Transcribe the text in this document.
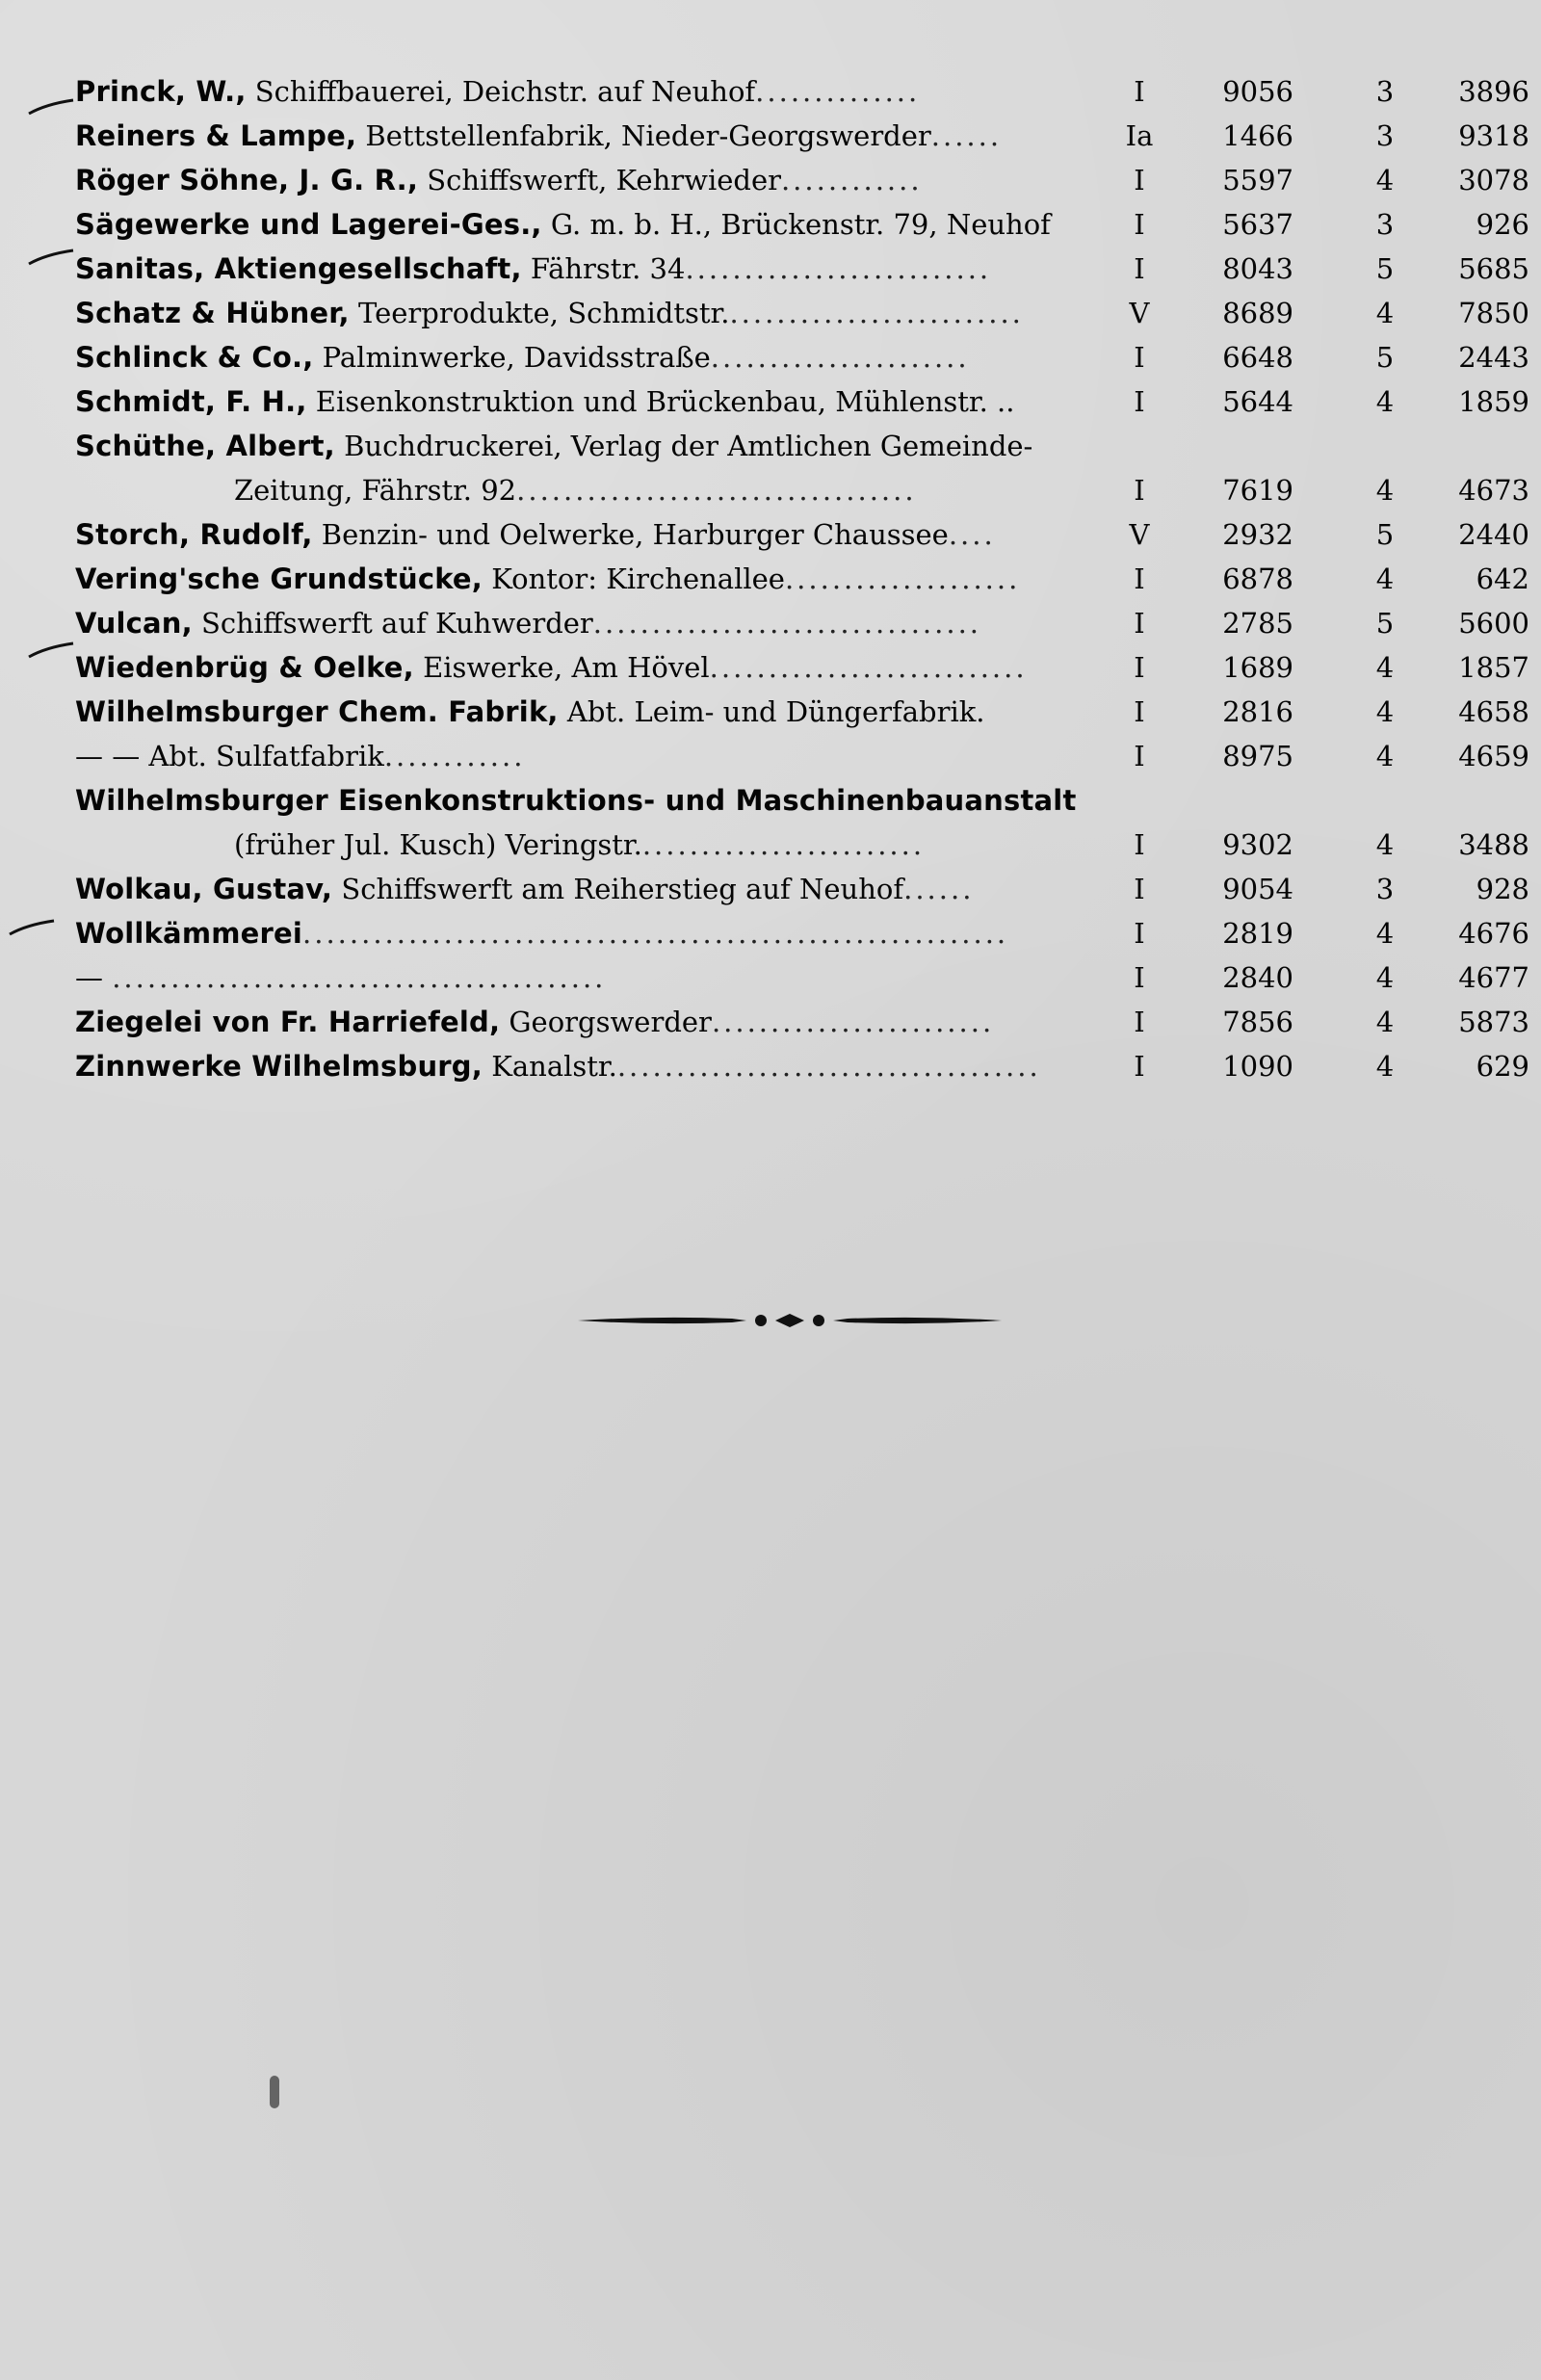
Princk, W., Schiffbauerei, Deichstr. auf Neuhof..............	I	9056	3	3896
Reiners & Lampe, Bettstellenfabrik, Nieder-Georgswerder......	Ia	1466	3	9318
Röger Söhne, J. G. R., Schiffswerft, Kehrwieder............	I	5597	4	3078
Sägewerke und Lagerei-Ges., G. m. b. H., Brückenstr. 79, Neuhof	I	5637	3	926
Sanitas, Aktiengesellschaft, Fährstr. 34..........................	I	8043	5	5685
Schatz & Hübner, Teerprodukte, Schmidtstr..........................	V	8689	4	7850
Schlinck & Co., Palminwerke, Davidsstraße......................	I	6648	5	2443
Schmidt, F. H., Eisenkonstruktion und Brückenbau, Mühlenstr. ..	I	5644	4	1859
Schüthe, Albert, Buchdruckerei, Verlag der Amtlichen Gemeinde-
Zeitung, Fährstr. 92..................................	I	7619	4	4673
Storch, Rudolf, Benzin- und Oelwerke, Harburger Chaussee....	V	2932	5	2440
Vering'sche Grundstücke, Kontor: Kirchenallee....................	I	6878	4	642
Vulcan, Schiffswerft auf Kuhwerder.................................	I	2785	5	5600
Wiedenbrüg & Oelke, Eiswerke, Am Hövel...........................	I	1689	4	1857
Wilhelmsburger Chem. Fabrik, Abt. Leim- und Düngerfabrik.	I	2816	4	4658
— — Abt. Sulfatfabrik............	I	8975	4	4659
Wilhelmsburger Eisenkonstruktions- und Maschinenbauanstalt
(früher Jul. Kusch) Veringstr.........................	I	9302	4	3488
Wolkau, Gustav, Schiffswerft am Reiherstieg auf Neuhof......	I	9054	3	928
Wollkämmerei............................................................	I	2819	4	4676
— ..........................................	I	2840	4	4677
Ziegelei von Fr. Harriefeld, Georgswerder........................	I	7856	4	5873
Zinnwerke Wilhelmsburg, Kanalstr.....................................	I	1090	4	629
